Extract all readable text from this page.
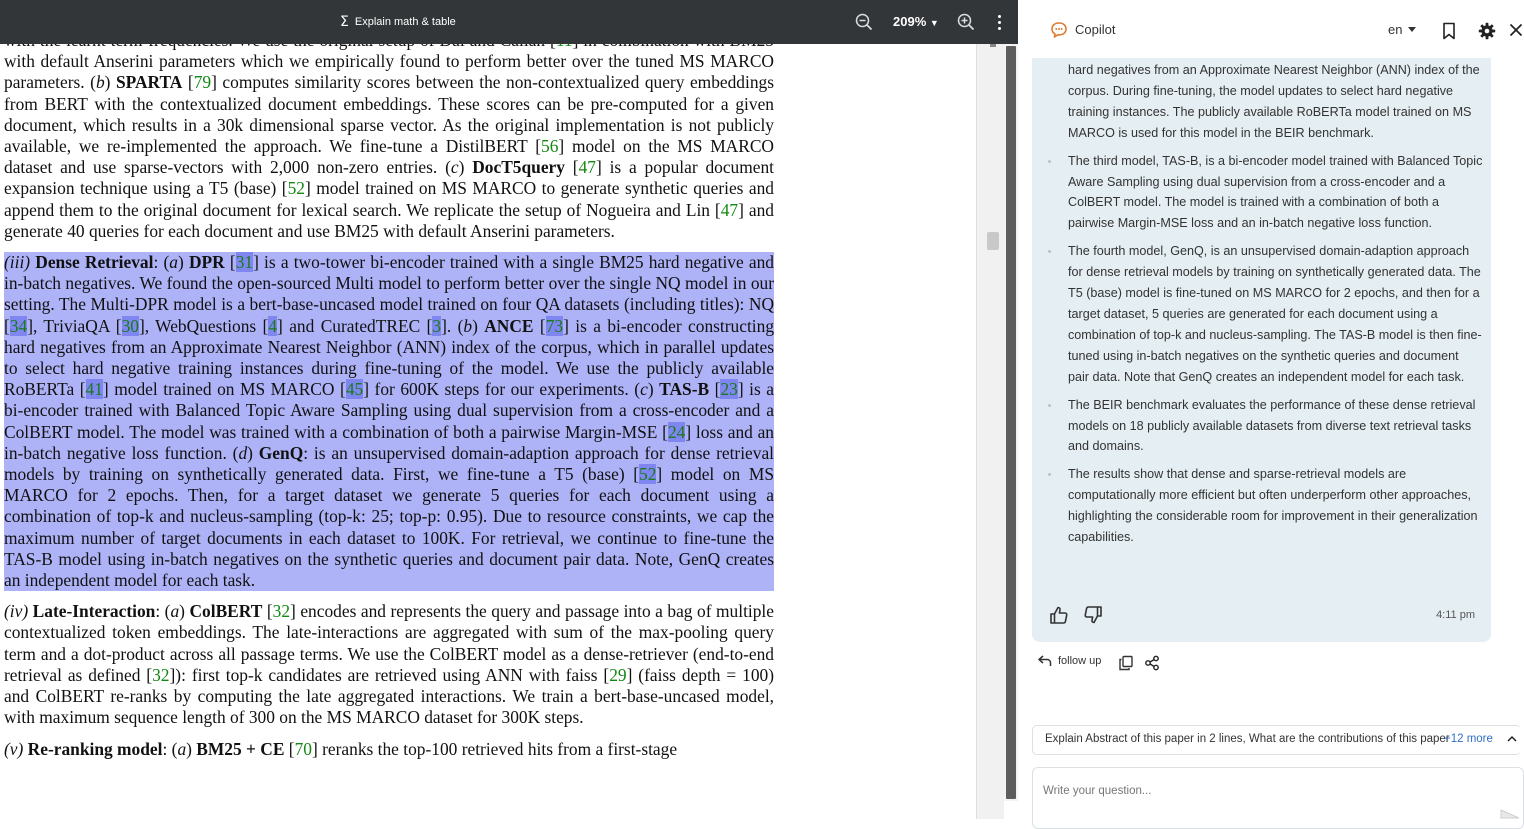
Σ Explain math & table	209% ▼

with default Anserini parameters which we empirically found to perform better over the tuned MS MARCO parameters. (b) SPARTA [79] computes similarity scores between the non-contextualized query embeddings from BERT with the contextualized document embeddings. These scores can be pre-computed for a given document, which results in a 30k dimensional sparse vector. As the original implementation is not publicly available, we re-implemented the approach. We fine-tune a DistilBERT [56] model on the MS MARCO dataset and use sparse-vectors with 2,000 non-zero entries. (c) DocT5query [47] is a popular document expansion technique using a T5 (base) [52] model trained on MS MARCO to generate synthetic queries and append them to the original document for lexical search. We replicate the setup of Nogueira and Lin [47] and generate 40 queries for each document and use BM25 with default Anserini parameters.

(iii) Dense Retrieval: (a) DPR [31] is a two-tower bi-encoder trained with a single BM25 hard negative and in-batch negatives. We found the open-sourced Multi model to perform better over the single NQ model in our setting. The Multi-DPR model is a bert-base-uncased model trained on four QA datasets (including titles): NQ [34], TriviaQA [30], WebQuestions [4] and CuratedTREC [3]. (b) ANCE [73] is a bi-encoder constructing hard negatives from an Approximate Nearest Neighbor (ANN) index of the corpus, which in parallel updates to select hard negative training instances during fine-tuning of the model. We use the publicly available RoBERTa [41] model trained on MS MARCO [45] for 600K steps for our experiments. (c) TAS-B [23] is a bi-encoder trained with Balanced Topic Aware Sampling using dual supervision from a cross-encoder and a ColBERT model. The model was trained with a combination of both a pairwise Margin-MSE [24] loss and an in-batch negative loss function. (d) GenQ: is an unsupervised domain-adaption approach for dense retrieval models by training on synthetically generated data. First, we fine-tune a T5 (base) [52] model on MS MARCO for 2 epochs. Then, for a target dataset we generate 5 queries for each document using a combination of top-k and nucleus-sampling (top-k: 25; top-p: 0.95). Due to resource constraints, we cap the maximum number of target documents in each dataset to 100K. For retrieval, we continue to fine-tune the TAS-B model using in-batch negatives on the synthetic queries and document pair data. Note, GenQ creates an independent model for each task.

(iv) Late-Interaction: (a) ColBERT [32] encodes and represents the query and passage into a bag of multiple contextualized token embeddings. The late-interactions are aggregated with sum of the max-pooling query term and a dot-product across all passage terms. We use the ColBERT model as a dense-retriever (end-to-end retrieval as defined [32]): first top-k candidates are retrieved using ANN with faiss [29] (faiss depth = 100) and ColBERT re-ranks by computing the late aggregated interactions. We train a bert-base-uncased model, with maximum sequence length of 300 on the MS MARCO dataset for 300K steps.

(v) Re-ranking model: (a) BM25 + CE [70] reranks the top-100 retrieved hits from a first-stage

Copilot	en
hard negatives from an Approximate Nearest Neighbor (ANN) index of the corpus. During fine-tuning, the model updates to select hard negative training instances. The publicly available RoBERTa model trained on MS MARCO is used for this model in the BEIR benchmark.
The third model, TAS-B, is a bi-encoder model trained with Balanced Topic Aware Sampling using dual supervision from a cross-encoder and a ColBERT model. The model is trained with a combination of both a pairwise Margin-MSE loss and an in-batch negative loss function.
The fourth model, GenQ, is an unsupervised domain-adaption approach for dense retrieval models by training on synthetically generated data. The T5 (base) model is fine-tuned on MS MARCO for 2 epochs, and then for a target dataset, 5 queries are generated for each document using a combination of top-k and nucleus-sampling. The TAS-B model is then fine-tuned using in-batch negatives on the synthetic queries and document pair data. Note that GenQ creates an independent model for each task.
The BEIR benchmark evaluates the performance of these dense retrieval models on 18 publicly available datasets from diverse text retrieval tasks and domains.
The results show that dense and sparse-retrieval models are computationally more efficient but often underperform other approaches, highlighting the considerable room for improvement in their generalization capabilities.
4:11 pm
follow up
Explain Abstract of this paper in 2 lines, What are the contributions of this paper
+12 more
Write your question...
